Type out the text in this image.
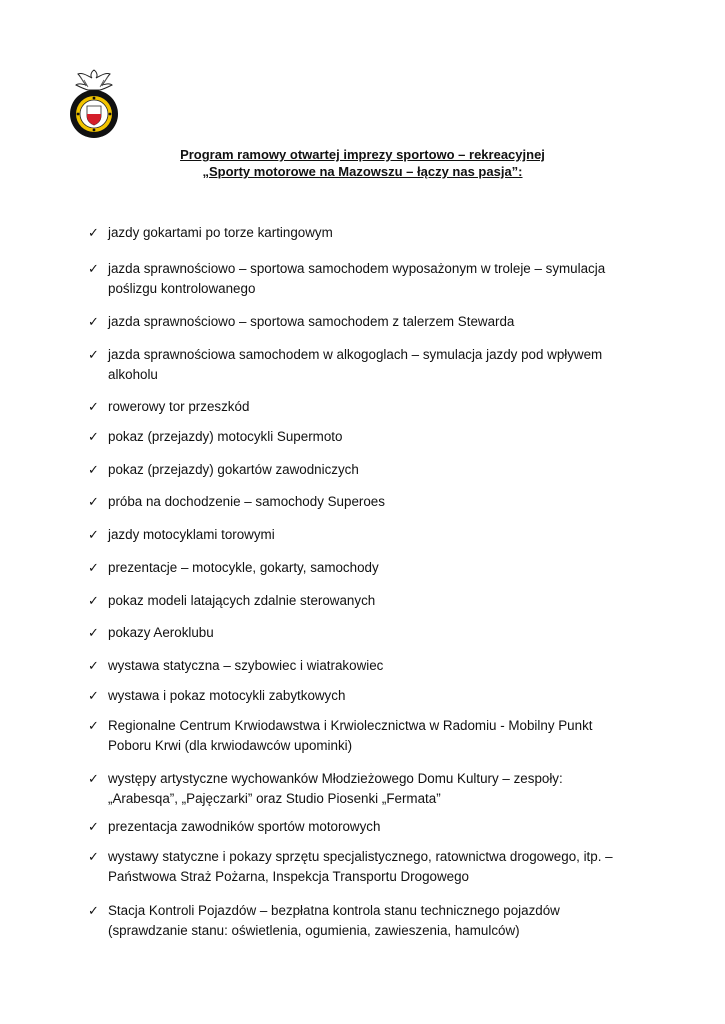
Program ramowy otwartej imprezy sportowo – rekreacyjnej
„Sporty motorowe na Mazowszu – łączy nas pasja”:
✓ jazdy gokartami po torze kartingowym
✓ jazda sprawnościowo – sportowa samochodem wyposażonym w troleje – symulacja
poślizgu kontrolowanego
✓ jazda sprawnościowo – sportowa samochodem z talerzem Stewarda
✓ jazda sprawnościowa samochodem w alkogoglach – symulacja jazdy pod wpływem
alkoholu
✓ rowerowy tor przeszkód
✓ pokaz (przejazdy) motocykli Supermoto
✓ pokaz (przejazdy) gokartów zawodniczych
✓ próba na dochodzenie – samochody Superoes
✓ jazdy motocyklami torowymi
✓ prezentacje – motocykle, gokarty, samochody
✓ pokaz modeli latających zdalnie sterowanych
✓ pokazy Aeroklubu
✓ wystawa statyczna – szybowiec i wiatrakowiec
✓ wystawa i pokaz motocykli zabytkowych
✓ Regionalne Centrum Krwiodawstwa i Krwiolecznictwa w Radomiu - Mobilny Punkt
Poboru Krwi (dla krwiodawców upominki)
✓ występy artystyczne wychowanków Młodzieżowego Domu Kultury – zespoły:
„Arabesqa”, „Pajęczarki” oraz Studio Piosenki „Fermata”
✓ prezentacja zawodników sportów motorowych
✓ wystawy statyczne i pokazy sprzętu specjalistycznego, ratownictwa drogowego, itp. –
Państwowa Straż Pożarna, Inspekcja Transportu Drogowego
✓ Stacja Kontroli Pojazdów – bezpłatna kontrola stanu technicznego pojazdów
(sprawdzanie stanu: oświetlenia, ogumienia, zawieszenia, hamulców)
